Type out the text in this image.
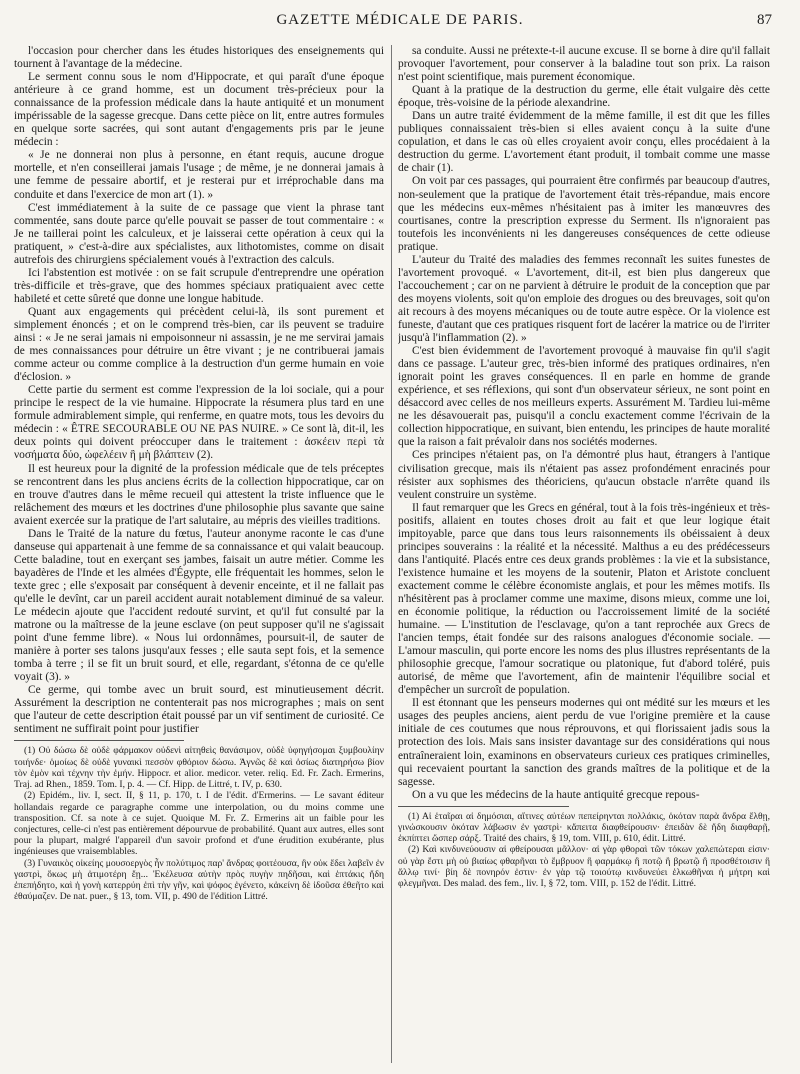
GAZETTE MÉDICALE DE PARIS.	87

l'occasion pour chercher dans les études historiques des enseignements qui tournent à l'avantage de la médecine.

Le serment connu sous le nom d'Hippocrate, et qui paraît d'une époque antérieure à ce grand homme, est un document très-précieux pour la connaissance de la profession médicale dans la haute antiquité et un monument impérissable de la sagesse grecque. Dans cette pièce on lit, entre autres formules en quelque sorte sacrées, qui sont autant d'engagements pris par le jeune médecin :

« Je ne donnerai non plus à personne, en étant requis, aucune drogue mortelle, et n'en conseillerai jamais l'usage ; de même, je ne donnerai jamais à une femme de pessaire abortif, et je resterai pur et irréprochable dans ma conduite et dans l'exercice de mon art (1). »

C'est immédiatement à la suite de ce passage que vient la phrase tant commentée, sans doute parce qu'elle pouvait se passer de tout commentaire : « Je ne taillerai point les calculeux, et je laisserai cette opération à ceux qui la pratiquent, » c'est-à-dire aux spécialistes, aux lithotomistes, comme on disait autrefois des chirurgiens spécialement voués à l'extraction des calculs.

Ici l'abstention est motivée : on se fait scrupule d'entreprendre une opération très-difficile et très-grave, que des hommes spéciaux pratiquaient avec cette habileté et cette sûreté que donne une longue habitude.

Quant aux engagements qui précèdent celui-là, ils sont purement et simplement énoncés ; et on le comprend très-bien, car ils peuvent se traduire ainsi : « Je ne serai jamais ni empoisonneur ni assassin, je ne me servirai jamais de mes connaissances pour détruire un être vivant ; je ne contribuerai jamais comme acteur ou comme complice à la destruction d'un germe humain en voie d'éclosion. »

Cette partie du serment est comme l'expression de la loi sociale, qui a pour principe le respect de la vie humaine. Hippocrate la résumera plus tard en une formule admirablement simple, qui renferme, en quatre mots, tous les devoirs du médecin : « ÊTRE SECOURABLE OU NE PAS NUIRE. » Ce sont là, dit-il, les deux points qui doivent préoccuper dans le traitement : ἀσκέειν περὶ τὰ νοσήματα δύο, ὠφελέειν ἢ μὴ βλάπτειν (2).

Il est heureux pour la dignité de la profession médicale que de tels préceptes se rencontrent dans les plus anciens écrits de la collection hippocratique, car on en trouve d'autres dans le même recueil qui attestent la triste influence que le relâchement des mœurs et les doctrines d'une philosophie plus savante que saine avaient exercée sur la pratique de l'art salutaire, au mépris des vieilles traditions.

Dans le Traité de la nature du fœtus, l'auteur anonyme raconte le cas d'une danseuse qui appartenait à une femme de sa connaissance et qui valait beaucoup. Cette baladine, tout en exerçant ses jambes, faisait un autre métier. Comme les bayadères de l'Inde et les almées d'Égypte, elle fréquentait les hommes, selon le texte grec ; elle s'exposait par conséquent à devenir enceinte, et il ne fallait pas qu'elle le devînt, car un pareil accident aurait notablement diminué de sa valeur. Le médecin ajoute que l'accident redouté survint, et qu'il fut consulté par la matrone ou la maîtresse de la jeune esclave (on peut supposer qu'il ne s'agissait point d'une femme libre). « Nous lui ordonnâmes, poursuit-il, de sauter de manière à porter ses talons jusqu'aux fesses ; elle sauta sept fois, et la semence tomba à terre ; il se fit un bruit sourd, et elle, regardant, s'étonna de ce qu'elle voyait (3). »

Ce germe, qui tombe avec un bruit sourd, est minutieusement décrit. Assurément la description ne contenterait pas nos micrographes ; mais on sent que l'auteur de cette description était poussé par un vif sentiment de curiosité. Ce sentiment ne suffirait point pour justifier

(1) Οὐ δώσω δὲ οὐδὲ φάρμακον οὐδενὶ αἰτηθεὶς θανάσιμον, οὐδὲ ὑφηγήσομαι ξυμβουλίην τοιήνδε· ὁμοίως δὲ οὐδὲ γυναικὶ πεσσὸν φθόριον δώσω. Ἁγνῶς δὲ καὶ ὁσίως διατηρήσω βίον τὸν ἐμὸν καὶ τέχνην τὴν ἐμήν. Hippocr. et alior. medicor. veter. reliq. Ed. Fr. Zach. Ermerins, Traj. ad Rhen., 1859. Tom. I, p. 4. — Cf. Hipp. de Littré, t. IV, p. 630.

(2) Epidém., liv. I, sect. II, § 11, p. 170, t. I de l'édit. d'Ermerins. — Le savant éditeur hollandais regarde ce paragraphe comme une interpolation, ou du moins comme une transposition. Cf. sa note à ce sujet. Quoique M. Fr. Z. Ermerins ait un faible pour les conjectures, celle-ci n'est pas entièrement dépourvue de probabilité. Quant aux autres, elles sont pour la plupart, malgré l'appareil d'un savoir profond et d'une érudition exubérante, plus ingénieuses que vraisemblables.

(3) Γυναικὸς οἰκείης μουσοεργὸς ἦν πολύτιμος παρ' ἄνδρας φοιτέουσα, ἣν οὐκ ἔδει λαβεῖν ἐν γαστρὶ, ὅκως μὴ ἀτιμοτέρη ἔῃ... Ἐκέλευσα αὐτὴν πρὸς πυγὴν πηδῆσαι, καὶ ἑπτάκις ἤδη ἐπεπήδητο, καὶ ἡ γονὴ κατερρύη ἐπὶ τὴν γῆν, καὶ ψόφος ἐγένετο, κἀκείνη δὲ ἰδοῦσα ἐθεῆτο καὶ ἐθαύμαζεν. De nat. puer., § 13, tom. VII, p. 490 de l'édition Littré.

sa conduite. Aussi ne prétexte-t-il aucune excuse. Il se borne à dire qu'il fallait provoquer l'avortement, pour conserver à la baladine tout son prix. La raison n'est point scientifique, mais purement économique.

Quant à la pratique de la destruction du germe, elle était vulgaire dès cette époque, très-voisine de la période alexandrine.

Dans un autre traité évidemment de la même famille, il est dit que les filles publiques connaissaient très-bien si elles avaient conçu à la suite d'une copulation, et dans le cas où elles croyaient avoir conçu, elles procédaient à la destruction du germe. L'avortement étant produit, il tombait comme une masse de chair (1).

On voit par ces passages, qui pourraient être confirmés par beaucoup d'autres, non-seulement que la pratique de l'avortement était très-répandue, mais encore que les médecins eux-mêmes n'hésitaient pas à imiter les manœuvres des courtisanes, contre la prescription expresse du Serment. Ils n'ignoraient pas toutefois les inconvénients ni les dangereuses conséquences de cette odieuse pratique.

L'auteur du Traité des maladies des femmes reconnaît les suites funestes de l'avortement provoqué. « L'avortement, dit-il, est bien plus dangereux que l'accouchement ; car on ne parvient à détruire le produit de la conception que par des moyens violents, soit qu'on emploie des drogues ou des breuvages, soit qu'on ait recours à des moyens mécaniques ou de toute autre espèce. Or la violence est funeste, d'autant que ces pratiques risquent fort de lacérer la matrice ou de l'irriter jusqu'à l'inflammation (2). »

C'est bien évidemment de l'avortement provoqué à mauvaise fin qu'il s'agit dans ce passage. L'auteur grec, très-bien informé des pratiques ordinaires, n'en ignorait point les graves conséquences. Il en parle en homme de grande expérience, et ses réflexions, qui sont d'un observateur sérieux, ne sont point en désaccord avec celles de nos meilleurs experts. Assurément M. Tardieu lui-même ne les désavouerait pas, puisqu'il a conclu exactement comme l'écrivain de la collection hippocratique, en suivant, bien entendu, les principes de haute moralité que la raison a fait prévaloir dans nos sociétés modernes.

Ces principes n'étaient pas, on l'a démontré plus haut, étrangers à l'antique civilisation grecque, mais ils n'étaient pas assez profondément enracinés pour résister aux sophismes des théoriciens, qu'aucun obstacle n'arrête quand ils veulent construire un système.

Il faut remarquer que les Grecs en général, tout à la fois très-ingénieux et très-positifs, allaient en toutes choses droit au fait et que leur logique était impitoyable, parce que dans tous leurs raisonnements ils obéissaient à deux principes souverains : la réalité et la nécessité. Malthus a eu des prédécesseurs dans l'antiquité. Placés entre ces deux grands problèmes : la vie et la subsistance, l'existence humaine et les moyens de la soutenir, Platon et Aristote concluent exactement comme le célèbre économiste anglais, et pour les mêmes motifs. Ils n'hésitèrent pas à proclamer comme une maxime, disons mieux, comme une loi, en économie politique, la réduction ou l'accroissement limité de la société humaine. — L'institution de l'esclavage, qu'on a tant reprochée aux Grecs de l'ancien temps, était fondée sur des raisons analogues d'économie sociale. — L'amour masculin, qui porte encore les noms des plus illustres représentants de la philosophie grecque, l'amour socratique ou platonique, fut d'abord toléré, puis autorisé, de même que l'avortement, afin de maintenir l'équilibre social et d'empêcher un surcroît de population.

Il est étonnant que les penseurs modernes qui ont médité sur les mœurs et les usages des peuples anciens, aient perdu de vue l'origine première et la cause initiale de ces coutumes que nous réprouvons, et qui florissaient jadis sous la protection des lois. Mais sans insister davantage sur des considérations qui nous entraîneraient loin, examinons en observateurs curieux ces pratiques criminelles, qui recevaient pourtant la sanction des grands maîtres de la politique et de la sagesse.

On a vu que les médecins de la haute antiquité grecque repous-

(1) Αἱ ἑταῖραι αἱ δημόσιαι, αἵτινες αὐτέων πεπείρηνται πολλάκις, ὁκόταν παρὰ ἄνδρα ἔλθῃ, γινώσκουσιν ὁκόταν λάβωσιν ἐν γαστρὶ· κἄπειτα διαφθείρουσιν· ἐπειδὰν δὲ ἤδη διαφθαρῇ, ἐκπίπτει ὥσπερ σάρξ. Traité des chairs, § 19, tom. VIII, p. 610, édit. Littré.

(2) Καὶ κινδυνεύουσιν αἱ φθείρουσαι μᾶλλον· αἱ γὰρ φθοραὶ τῶν τόκων χαλεπώτεραι εἰσιν· οὐ γὰρ ἔστι μὴ οὐ βιαίως φθαρῆναι τὸ ἔμβρυον ἢ φαρμάκῳ ἢ ποτῷ ἢ βρωτῷ ἢ προσθέτοισιν ἢ ἄλλῳ τινί· βίη δὲ πονηρόν ἐστιν· ἐν γὰρ τῷ τοιούτῳ κινδυνεύει ἑλκωθῆναι ἡ μήτρη καὶ φλεγμῆναι. Des malad. des fem., liv. I, § 72, tom. VIII, p. 152 de l'édit. Littré.
